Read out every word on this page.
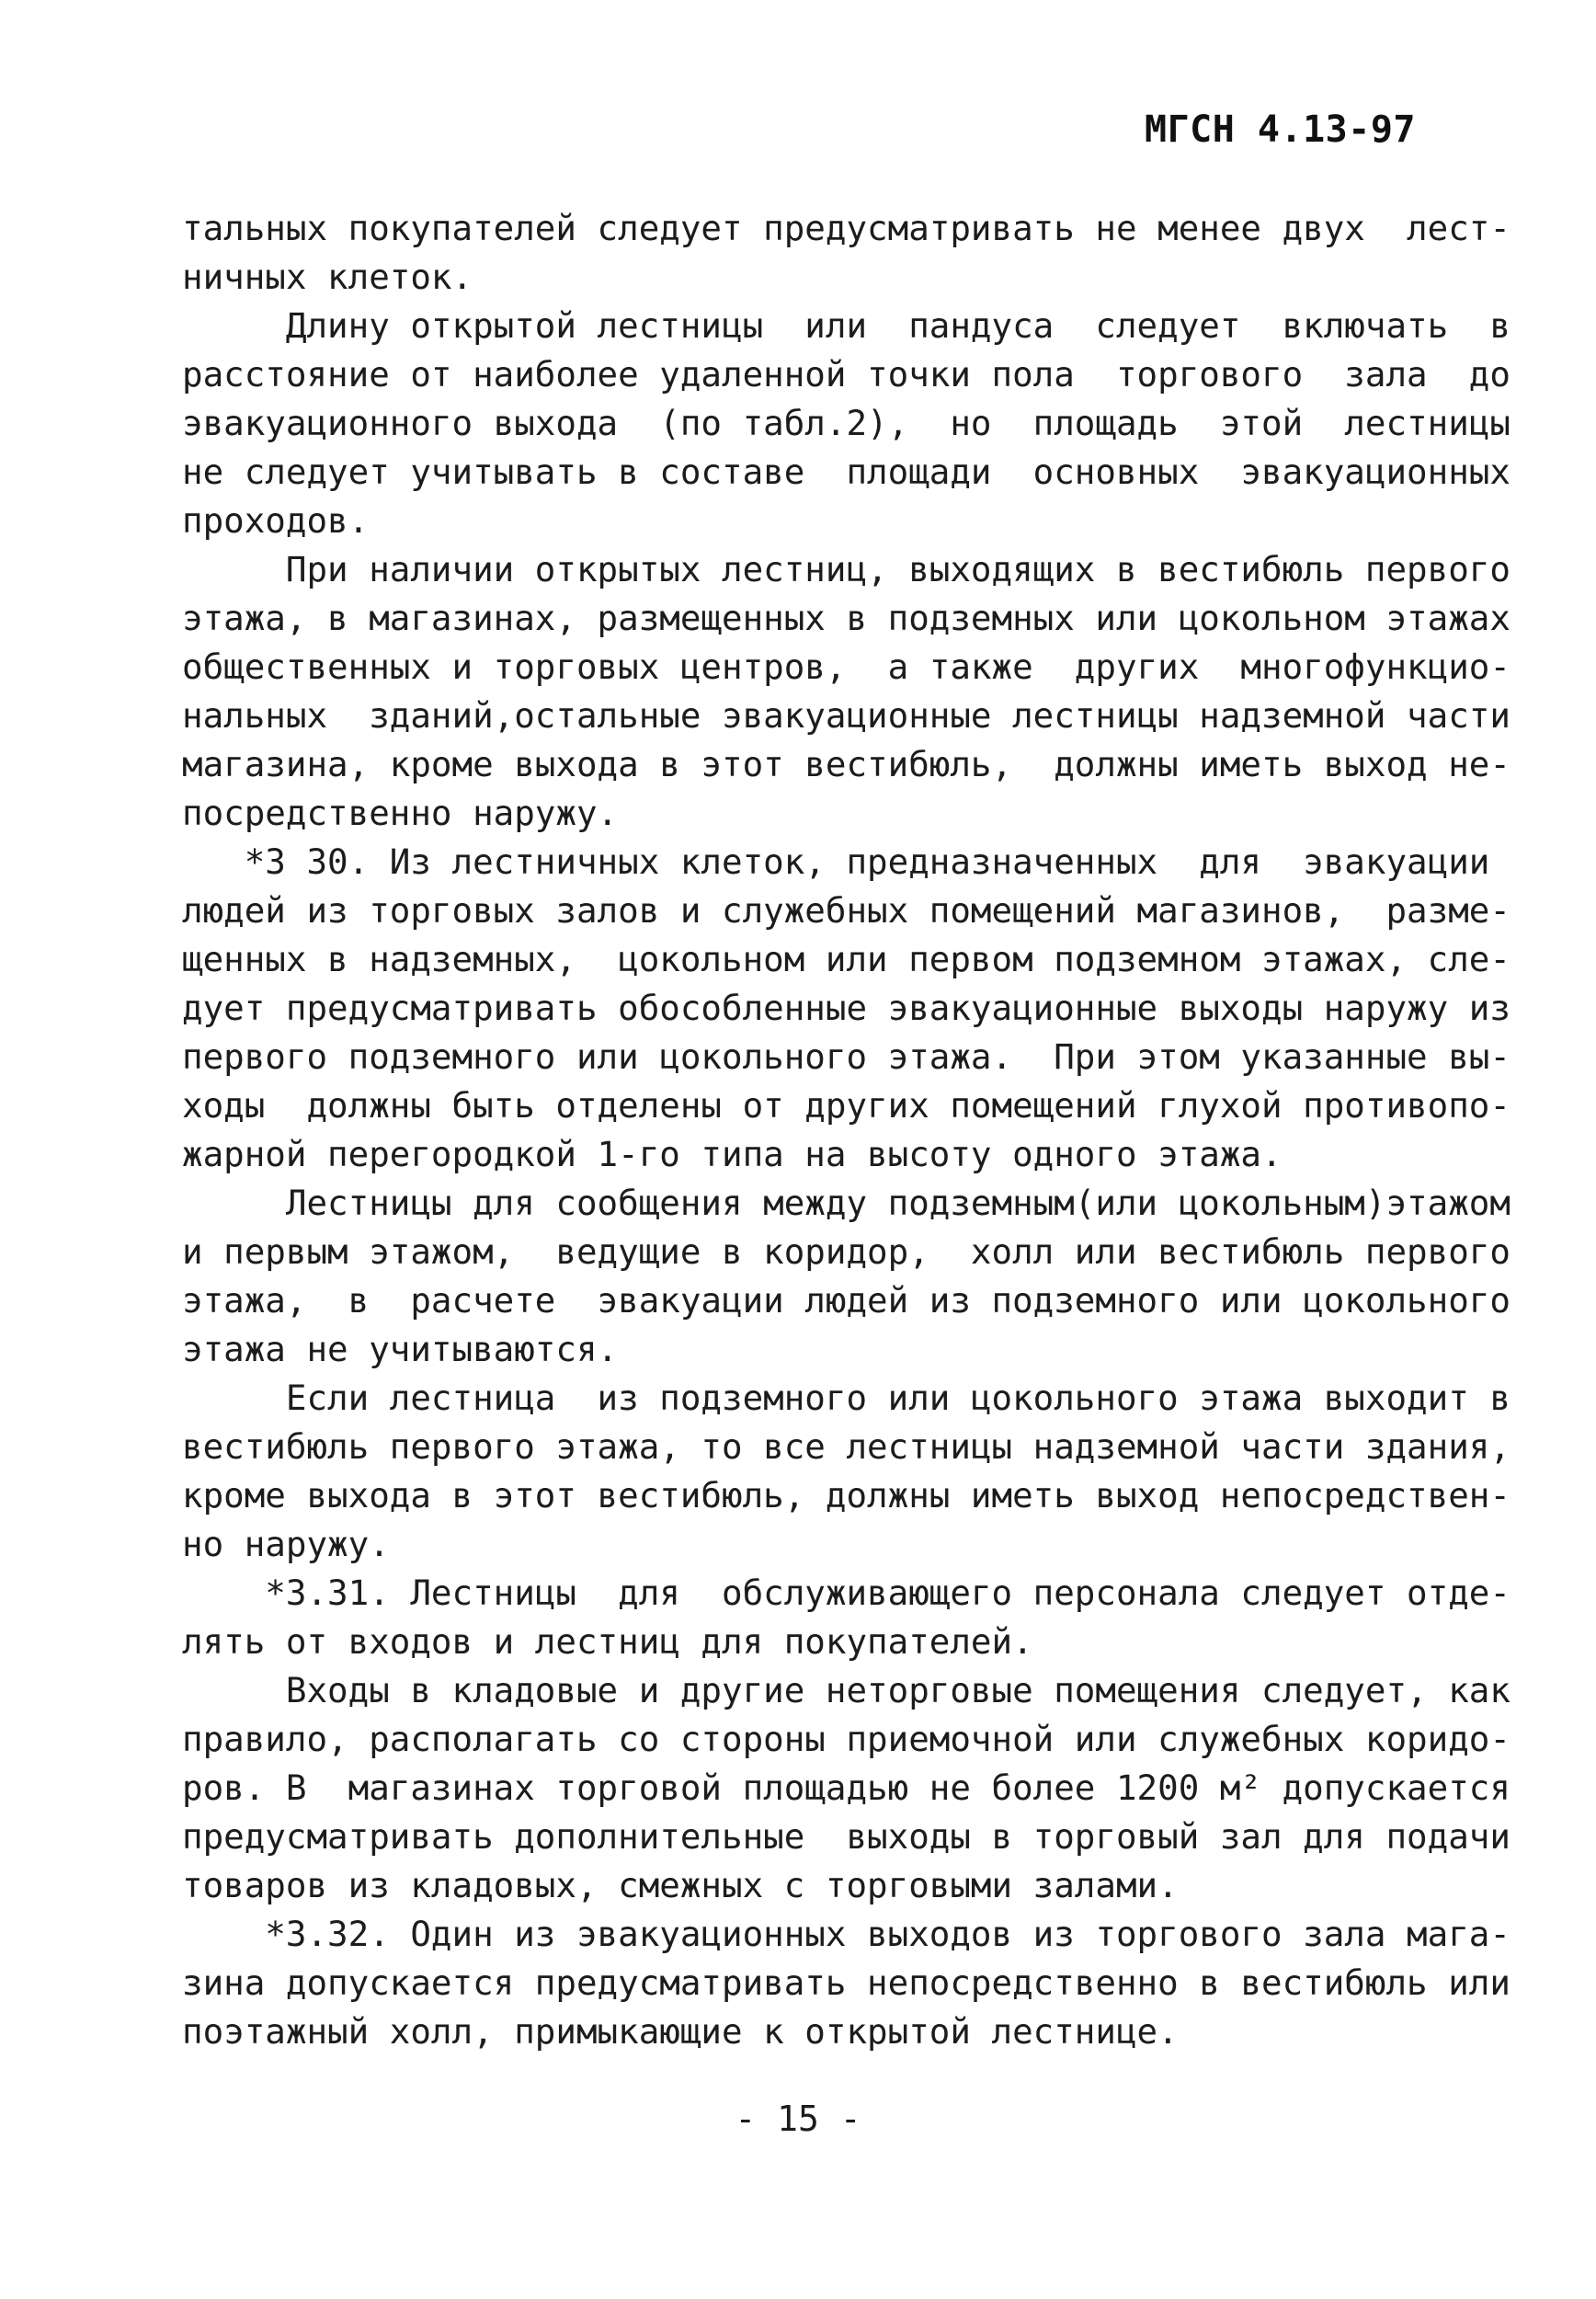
МГСН 4.13-97
тальных покупателей следует предусматривать не менее двух  лест-
ничных клеток.
Длину открытой лестницы  или  пандуса  следует  включать  в
расстояние от наиболее удаленной точки пола  торгового  зала  до
эвакуационного выхода  (по табл.2),  но  площадь  этой  лестницы
не следует учитывать в составе  площади  основных  эвакуационных
проходов.
При наличии открытых лестниц, выходящих в вестибюль первого
этажа, в магазинах, размещенных в подземных или цокольном этажах
общественных и торговых центров,  а также  других  многофункцио-
нальных  зданий,остальные эвакуационные лестницы надземной части
магазина, кроме выхода в этот вестибюль,  должны иметь выход не-
посредственно наружу.
*3 30. Из лестничных клеток, предназначенных  для  эвакуации
людей из торговых залов и служебных помещений магазинов,  разме-
щенных в надземных,  цокольном или первом подземном этажах, сле-
дует предусматривать обособленные эвакуационные выходы наружу из
первого подземного или цокольного этажа.  При этом указанные вы-
ходы  должны быть отделены от других помещений глухой противопо-
жарной перегородкой 1-го типа на высоту одного этажа.
Лестницы для сообщения между подземным(или цокольным)этажом
и первым этажом,  ведущие в коридор,  холл или вестибюль первого
этажа,  в  расчете  эвакуации людей из подземного или цокольного
этажа не учитываются.
Если лестница  из подземного или цокольного этажа выходит в
вестибюль первого этажа, то все лестницы надземной части здания,
кроме выхода в этот вестибюль, должны иметь выход непосредствен-
но наружу.
*3.31. Лестницы  для  обслуживающего персонала следует отде-
лять от входов и лестниц для покупателей.
Входы в кладовые и другие неторговые помещения следует, как
правило, располагать со стороны приемочной или служебных коридо-
ров. В  магазинах торговой площадью не более 1200 м² допускается
предусматривать дополнительные  выходы в торговый зал для подачи
товаров из кладовых, смежных с торговыми залами.
*3.32. Один из эвакуационных выходов из торгового зала мага-
зина допускается предусматривать непосредственно в вестибюль или
поэтажный холл, примыкающие к открытой лестнице.
- 15 -
